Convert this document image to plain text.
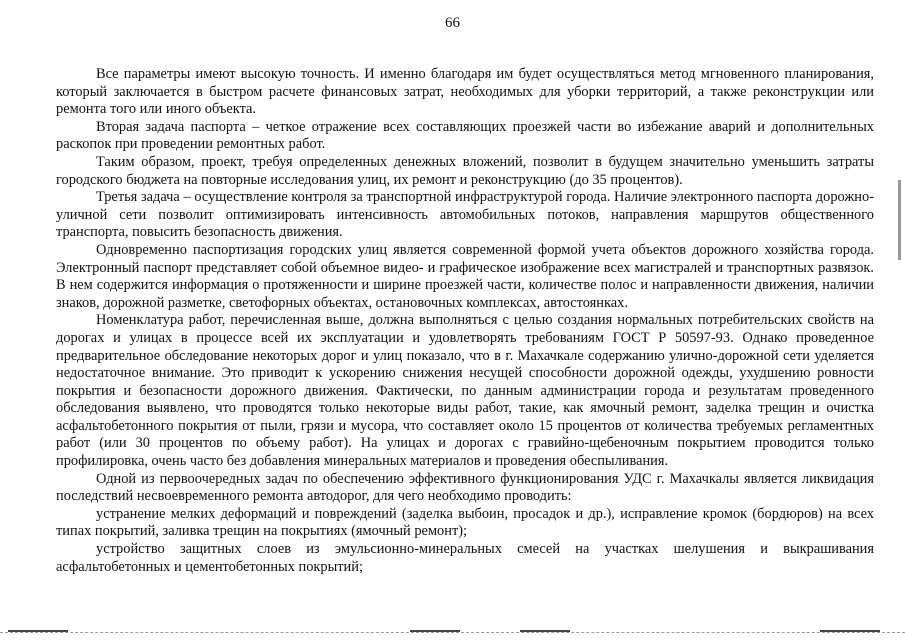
66

Все параметры имеют высокую точность. И именно благодаря им будет осуществляться метод мгновенного планирования, который заключается в быстром расчете финансовых затрат, необходимых для уборки территорий, а также реконструкции или ремонта того или иного объекта.

Вторая задача паспорта – четкое отражение всех составляющих проезжей части во избежание аварий и дополнительных раскопок при проведении ремонтных работ.

Таким образом, проект, требуя определенных денежных вложений, позволит в будущем значительно уменьшить затраты городского бюджета на повторные исследования улиц, их ремонт и реконструкцию (до 35 процентов).

Третья задача – осуществление контроля за транспортной инфраструктурой города. Наличие электронного паспорта дорожно-уличной сети позволит оптимизировать интенсивность автомобильных потоков, направления маршрутов общественного транспорта, повысить безопасность движения.

Одновременно паспортизация городских улиц является современной формой учета объектов дорожного хозяйства города. Электронный паспорт представляет собой объемное видео- и графическое изображение всех магистралей и транспортных развязок. В нем содержится информация о протяженности и ширине проезжей части, количестве полос и направленности движения, наличии знаков, дорожной разметке, светофорных объектах, остановочных комплексах, автостоянках.

Номенклатура работ, перечисленная выше, должна выполняться с целью создания нормальных потребительских свойств на дорогах и улицах в процессе всей их эксплуатации и удовлетворять требованиям ГОСТ Р 50597-93. Однако проведенное предварительное обследование некоторых дорог и улиц показало, что в г. Махачкале содержанию улично-дорожной сети уделяется недостаточное внимание. Это приводит к ускорению снижения несущей способности дорожной одежды, ухудшению ровности покрытия и безопасности дорожного движения. Фактически, по данным администрации города и результатам проведенного обследования выявлено, что проводятся только некоторые виды работ, такие, как ямочный ремонт, заделка трещин и очистка асфальтобетонного покрытия от пыли, грязи и мусора, что составляет около 15 процентов от количества требуемых регламентных работ (или 30 процентов по объему работ). На улицах и дорогах с гравийно-щебеночным покрытием проводится только профилировка, очень часто без добавления минеральных материалов и проведения обеспыливания.

Одной из первоочередных задач по обеспечению эффективного функционирования УДС г. Махачкалы является ликвидация последствий несвоевременного ремонта автодорог, для чего необходимо проводить:

устранение мелких деформаций и повреждений (заделка выбоин, просадок и др.), исправление кромок (бордюров) на всех типах покрытий, заливка трещин на покрытиях (ямочный ремонт);

устройство защитных слоев из эмульсионно-минеральных смесей на участках шелушения и выкрашивания асфальтобетонных и цементобетонных покрытий;
